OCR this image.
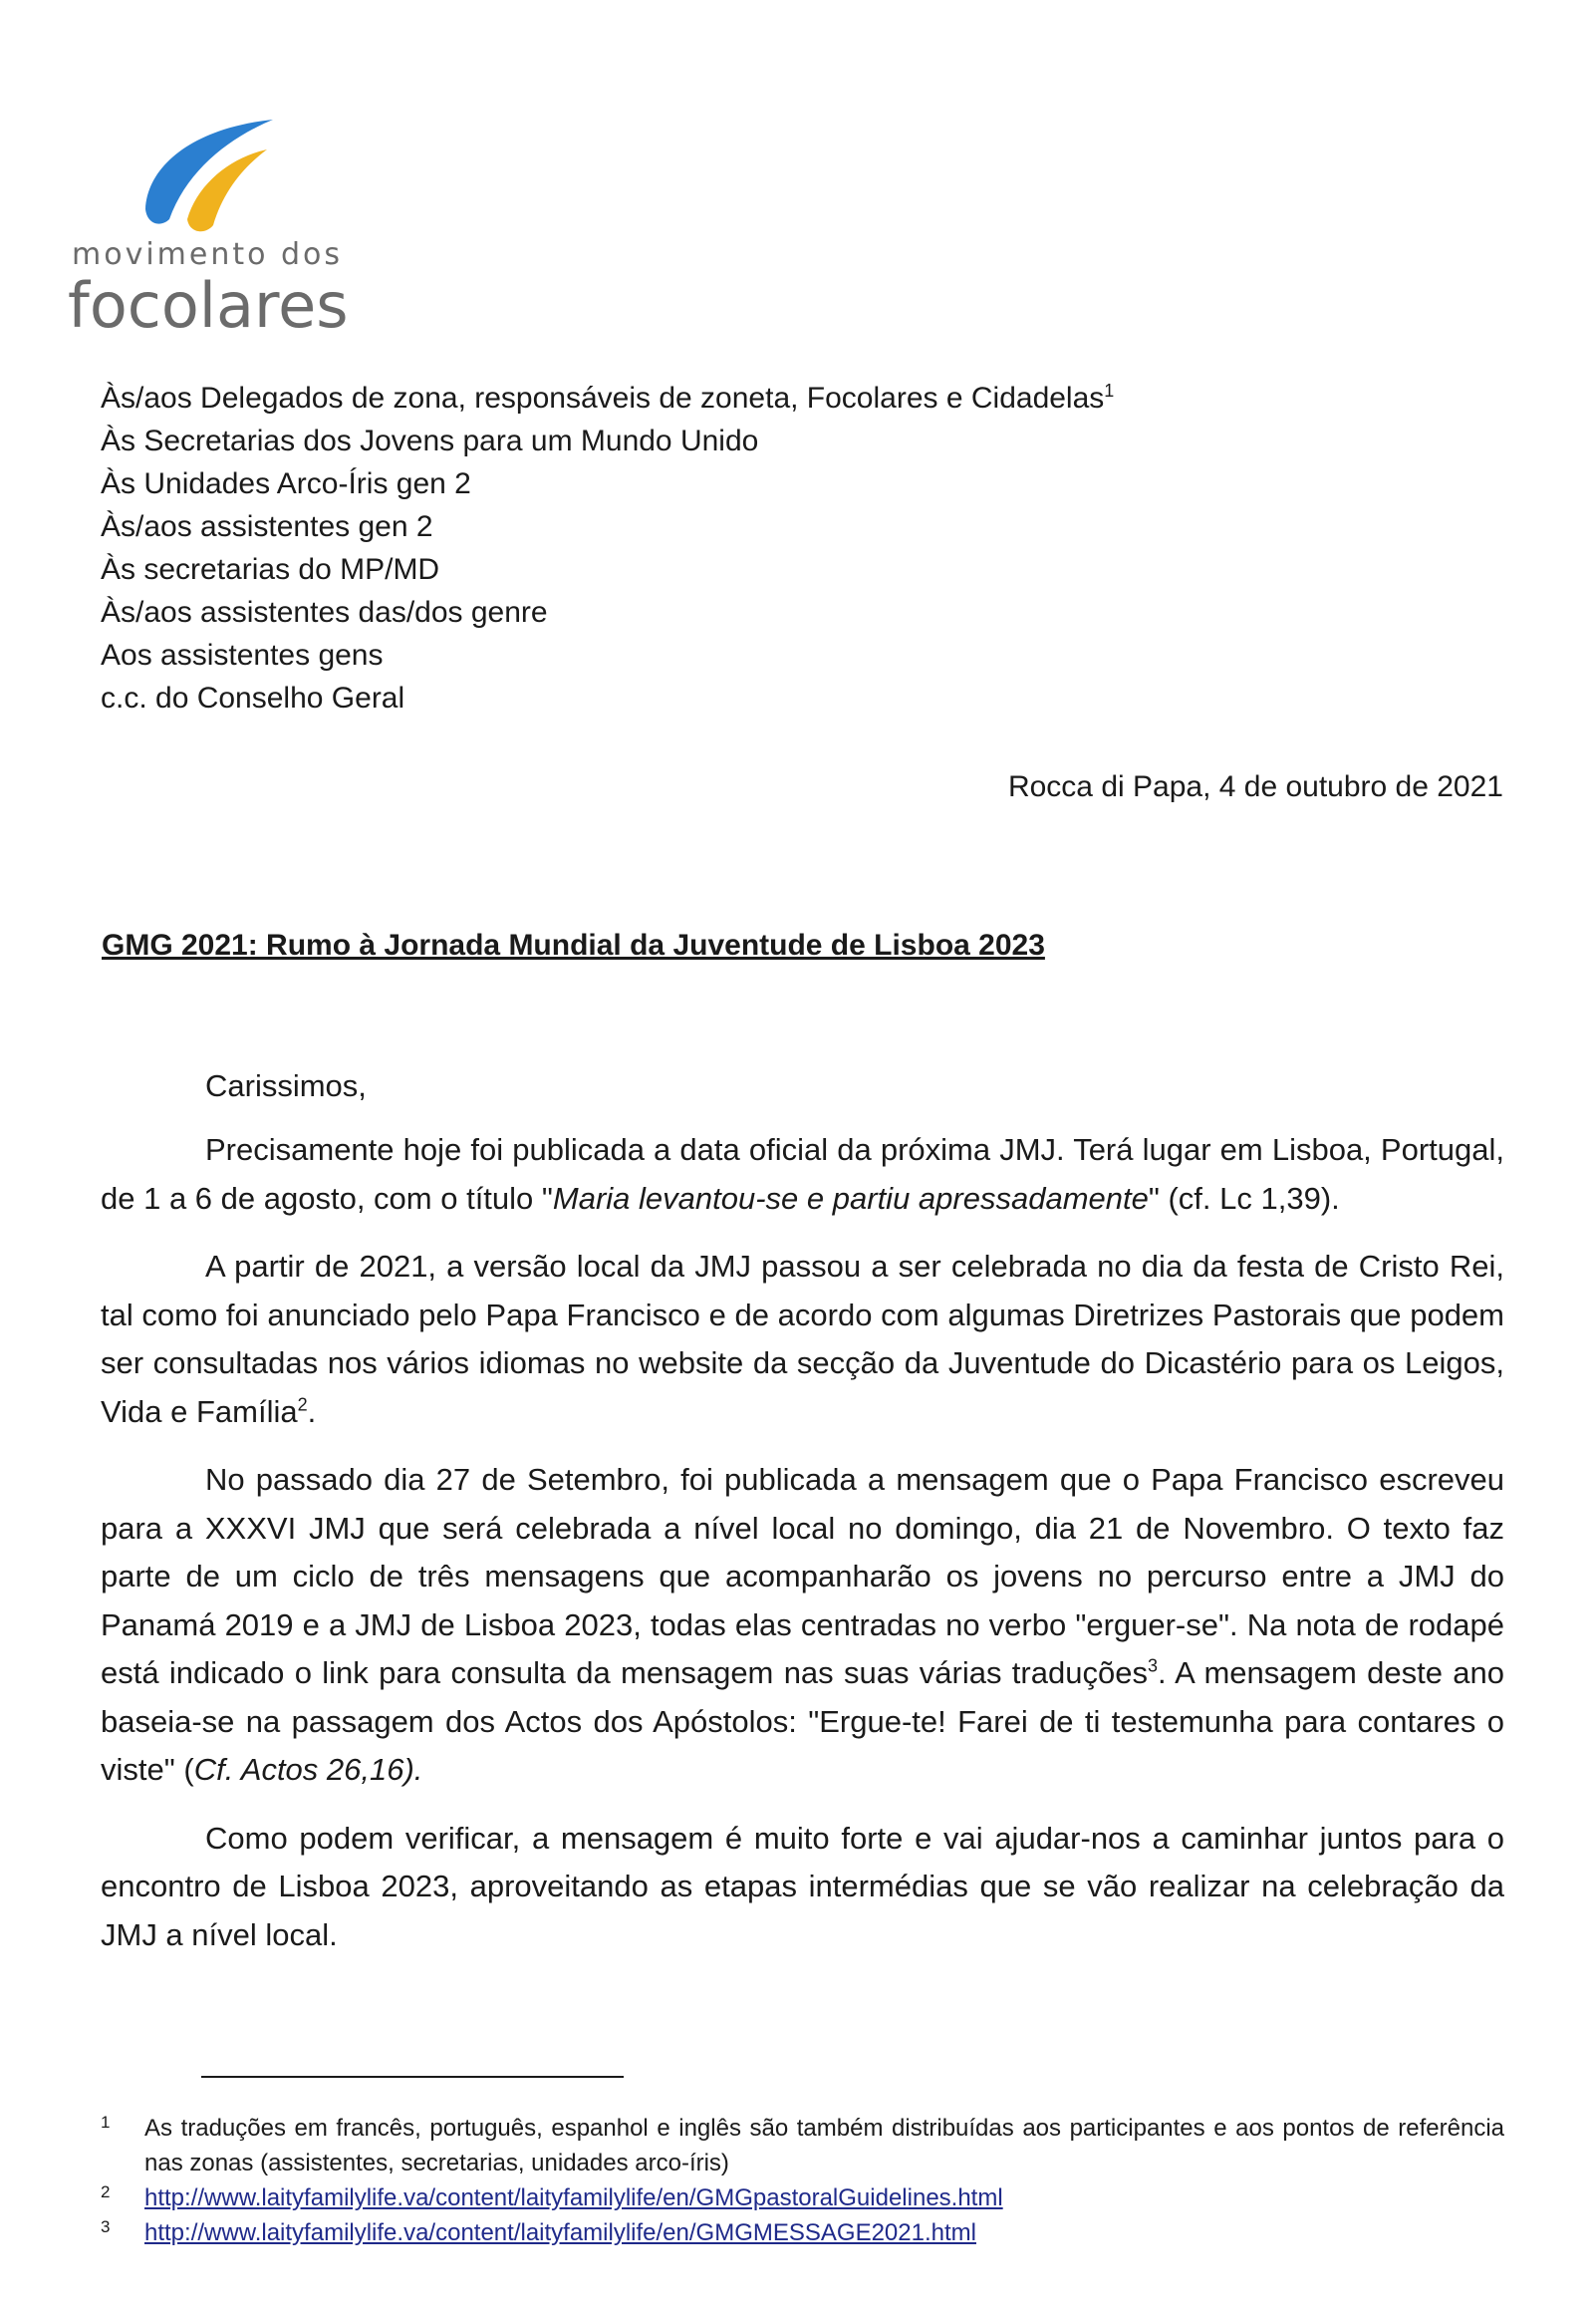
movimento dos
focolares
Às/aos Delegados de zona, responsáveis de zoneta, Focolares e Cidadelas$^1$
Às Secretarias dos Jovens para um Mundo Unido
Às Unidades Arco-Íris gen 2
Às/aos assistentes gen 2
Às secretarias do MP/MD
Às/aos assistentes das/dos genre
Aos assistentes gens
c.c. do Conselho Geral
Rocca di Papa, 4 de outubro de 2021
GMG 2021: Rumo à Jornada Mundial da Juventude de Lisboa 2023
Carissimos,

Precisamente hoje foi publicada a data oficial da próxima JMJ. Terá lugar em Lisboa, Portugal, de 1 a 6 de agosto, com o título "Maria levantou-se e partiu apressadamente" (cf. Lc 1,39).

A partir de 2021, a versão local da JMJ passou a ser celebrada no dia da festa de Cristo Rei, tal como foi anunciado pelo Papa Francisco e de acordo com algumas Diretrizes Pastorais que podem ser consultadas nos vários idiomas no website da secção da Juventude do Dicastério para os Leigos, Vida e Família$^2$.

No passado dia 27 de Setembro, foi publicada a mensagem que o Papa Francisco escreveu para a XXXVI JMJ que será celebrada a nível local no domingo, dia 21 de Novembro. O texto faz parte de um ciclo de três mensagens que acompanharão os jovens no percurso entre a JMJ do Panamá 2019 e a JMJ de Lisboa 2023, todas elas centradas no verbo "erguer-se". Na nota de rodapé está indicado o link para consulta da mensagem nas suas várias traduções$^3$. A mensagem deste ano baseia-se na passagem dos Actos dos Apóstolos: "Ergue-te! Farei de ti testemunha para contares o viste" (Cf. Actos 26,16).

Como podem verificar, a mensagem é muito forte e vai ajudar-nos a caminhar juntos para o encontro de Lisboa 2023, aproveitando as etapas intermédias que se vão realizar na celebração da JMJ a nível local.

1 As traduções em francês, português, espanhol e inglês são também distribuídas aos participantes e aos pontos de referência nas zonas (assistentes, secretarias, unidades arco-íris)
2 http://www.laityfamilylife.va/content/laityfamilylife/en/GMGpastoralGuidelines.html
3 http://www.laityfamilylife.va/content/laityfamilylife/en/GMGMESSAGE2021.html
